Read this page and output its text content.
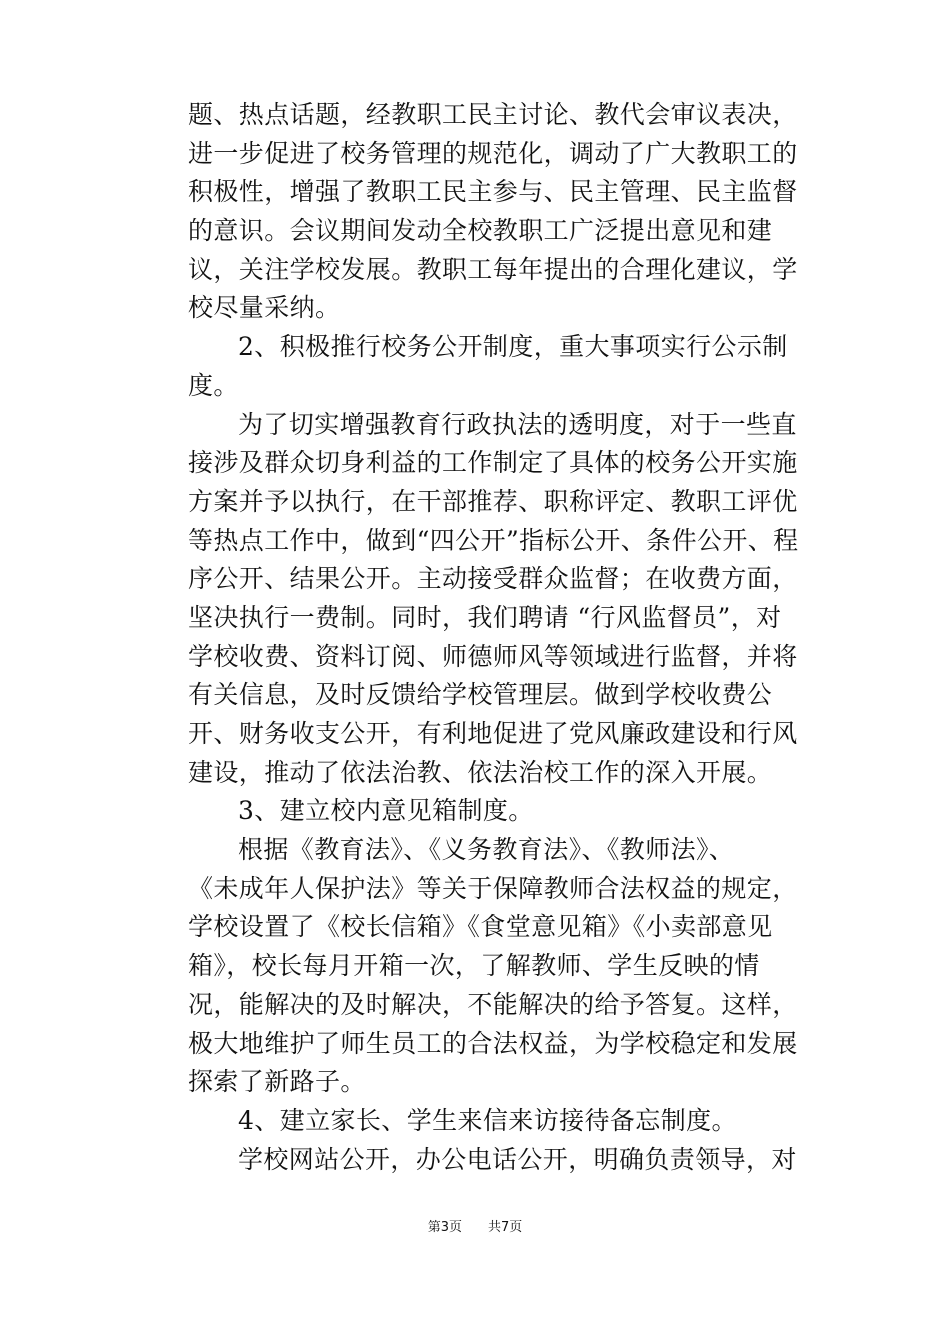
题、热点话题，经教职工民主讨论、教代会审议表决，
进一步促进了校务管理的规范化，调动了广大教职工的
积极性，增强了教职工民主参与、民主管理、民主监督
的意识。会议期间发动全校教职工广泛提出意见和建
议，关注学校发展。教职工每年提出的合理化建议，学
校尽量采纳。
2、积极推行校务公开制度，重大事项实行公示制
度。
为了切实增强教育行政执法的透明度，对于一些直
接涉及群众切身利益的工作制定了具体的校务公开实施
方案并予以执行，在干部推荐、职称评定、教职工评优
等热点工作中，做到“四公开”指标公开、条件公开、程
序公开、结果公开。主动接受群众监督；在收费方面，
坚决执行一费制。同时，我们聘请 “行风监督员”，对
学校收费、资料订阅、师德师风等领域进行监督，并将
有关信息，及时反馈给学校管理层。做到学校收费公
开、财务收支公开，有利地促进了党风廉政建设和行风
建设，推动了依法治教、依法治校工作的深入开展。
3、建立校内意见箱制度。
根据《教育法》、《义务教育法》、《教师法》、
《未成年人保护法》等关于保障教师合法权益的规定，
学校设置了《校长信箱》《食堂意见箱》《小卖部意见
箱》，校长每月开箱一次，了解教师、学生反映的情
况，能解决的及时解决，不能解决的给予答复。这样，
极大地维护了师生员工的合法权益，为学校稳定和发展
探索了新路子。
4、建立家长、学生来信来访接待备忘制度。
学校网站公开，办公电话公开，明确负责领导，对
第3页 共7页
